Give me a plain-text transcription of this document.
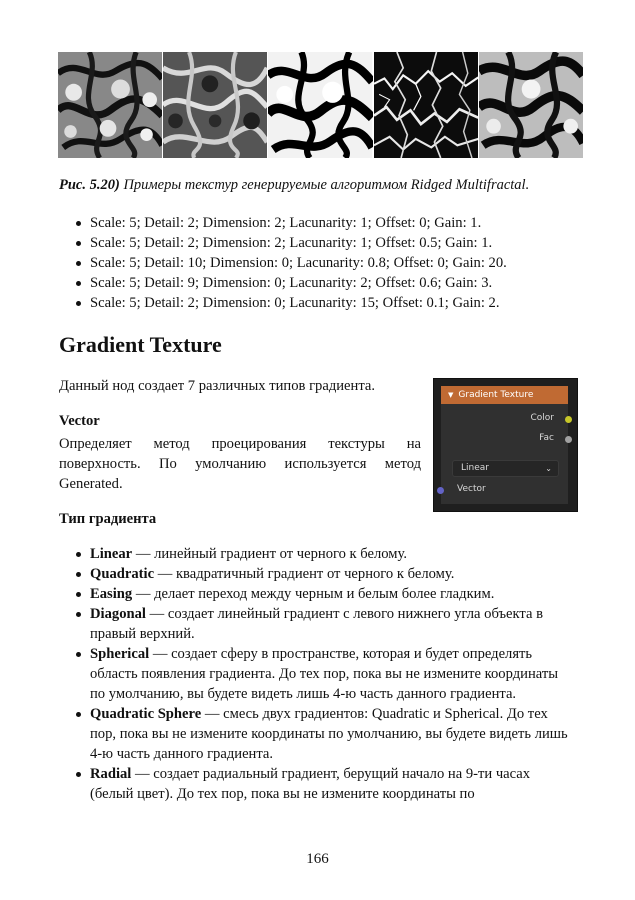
Рис. 5.20) Примеры текстур генерируемые алгоритмом Ridged Multifractal.
Scale: 5; Detail: 2; Dimension: 2; Lacunarity: 1; Offset: 0; Gain: 1.
Scale: 5; Detail: 2; Dimension: 2; Lacunarity: 1; Offset: 0.5; Gain: 1.
Scale: 5; Detail: 10; Dimension: 0; Lacunarity: 0.8; Offset: 0; Gain: 20.
Scale: 5; Detail: 9; Dimension: 0; Lacunarity: 2; Offset: 0.6; Gain: 3.
Scale: 5; Detail: 2; Dimension: 0; Lacunarity: 15; Offset: 0.1; Gain: 2.
Gradient Texture
Данный нод создает 7 различных типов градиента.
Vector
Определяет метод проецирования текстуры на поверхность. По умолчанию используется метод Generated.
▼ Gradient Texture
Color
Fac
Linear	⌄
Vector
Тип градиента
Linear — линейный градиент от черного к белому.
Quadratic — квадратичный градиент от черного к белому.
Easing — делает переход между черным и белым более гладким.
Diagonal — создает линейный градиент с левого нижнего угла объекта в правый верхний.
Spherical — создает сферу в пространстве, которая и будет определять область появления градиента. До тех пор, пока вы не измените координаты по умолчанию, вы будете видеть лишь 4-ю часть данного градиента.
Quadratic Sphere — смесь двух градиентов: Quadratic и Spherical. До тех пор, пока вы не измените координаты по умолчанию, вы будете видеть лишь 4-ю часть данного градиента.
Radial — создает радиальный градиент, берущий начало на 9-ти часах (белый цвет). До тех пор, пока вы не измените координаты по
166
